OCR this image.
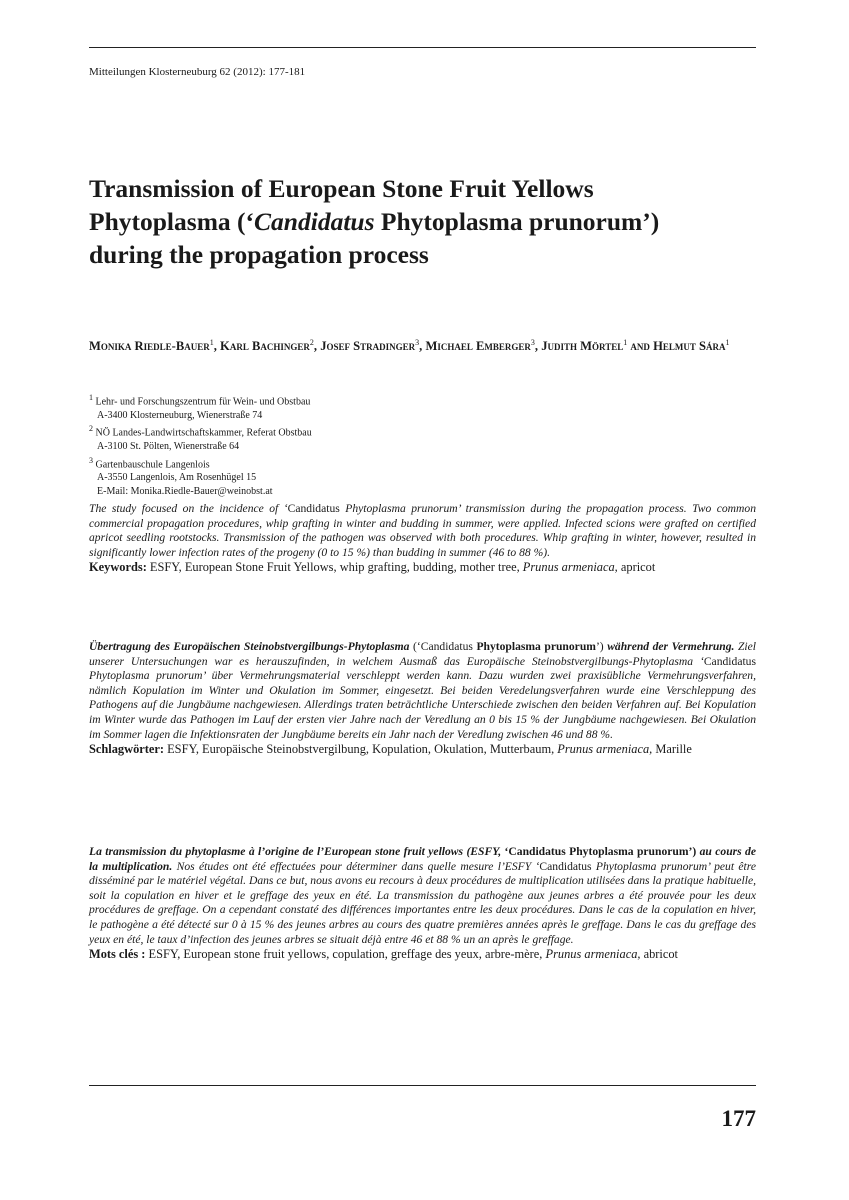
Mitteilungen Klosterneuburg 62 (2012): 177-181
Transmission of European Stone Fruit Yellows
Phytoplasma (‘Candidatus Phytoplasma prunorum’)
during the propagation process
Monika Riedle-Bauer$^1$, Karl Bachinger$^2$, Josef Stradinger$^3$, Michael Emberger$^3$, Judith Mörtel$^1$ and Helmut Sára$^1$
$^1$ Lehr- und Forschungszentrum für Wein- und Obstbau
A-3400 Klosterneuburg, Wienerstraße 74
$^2$ NÖ Landes-Landwirtschaftskammer, Referat Obstbau
A-3100 St. Pölten, Wienerstraße 64
$^3$ Gartenbauschule Langenlois
A-3550 Langenlois, Am Rosenhügel 15
E-Mail: Monika.Riedle-Bauer@weinobst.at
The study focused on the incidence of ‘Candidatus Phytoplasma prunorum’ transmission during the propagation process. Two common commercial propagation procedures, whip grafting in winter and budding in summer, were applied. Infected scions were grafted on certified apricot seedling rootstocks. Transmission of the pathogen was observed with both procedures. Whip grafting in winter, however, resulted in significantly lower infection rates of the progeny (0 to 15 %) than budding in summer (46 to 88 %).
Keywords: ESFY, European Stone Fruit Yellows, whip grafting, budding, mother tree, Prunus armeniaca, apricot
Übertragung des Europäischen Steinobstvergilbungs-Phytoplasma (‘Candidatus Phytoplasma prunorum’) während der Vermehrung. Ziel unserer Untersuchungen war es herauszufinden, in welchem Ausmaß das Europäische Steinobstvergilbungs-Phytoplasma ‘Candidatus Phytoplasma prunorum’ über Vermehrungsmaterial verschleppt werden kann. Dazu wurden zwei praxisübliche Vermehrungsverfahren, nämlich Kopulation im Winter und Okulation im Sommer, eingesetzt. Bei beiden Veredelungsverfahren wurde eine Verschleppung des Pathogens auf die Jungbäume nachgewiesen. Allerdings traten beträchtliche Unterschiede zwischen den beiden Verfahren auf. Bei Kopulation im Winter wurde das Pathogen im Lauf der ersten vier Jahre nach der Veredlung an 0 bis 15 % der Jungbäume nachgewiesen. Bei Okulation im Sommer lagen die Infektionsraten der Jungbäume bereits ein Jahr nach der Veredlung zwischen 46 und 88 %.
Schlagwörter: ESFY, Europäische Steinobstvergilbung, Kopulation, Okulation, Mutterbaum, Prunus armeniaca, Marille
La transmission du phytoplasme à l’origine de l’European stone fruit yellows (ESFY, ‘Candidatus Phytoplasma prunorum’) au cours de la multiplication. Nos études ont été effectuées pour déterminer dans quelle mesure l’ESFY ‘Candidatus Phytoplasma prunorum’ peut être disséminé par le matériel végétal. Dans ce but, nous avons eu recours à deux procédures de multiplication utilisées dans la pratique habituelle, soit la copulation en hiver et le greffage des yeux en été. La transmission du pathogène aux jeunes arbres a été prouvée pour les deux procédures de greffage. On a cependant constaté des différences importantes entre les deux procédures. Dans le cas de la copulation en hiver, le pathogène a été détecté sur 0 à 15 % des jeunes arbres au cours des quatre premières années après le greffage. Dans le cas du greffage des yeux en été, le taux d’infection des jeunes arbres se situait déjà entre 46 et 88 % un an après le greffage.
Mots clés : ESFY, European stone fruit yellows, copulation, greffage des yeux, arbre-mère, Prunus armeniaca, abricot
177
